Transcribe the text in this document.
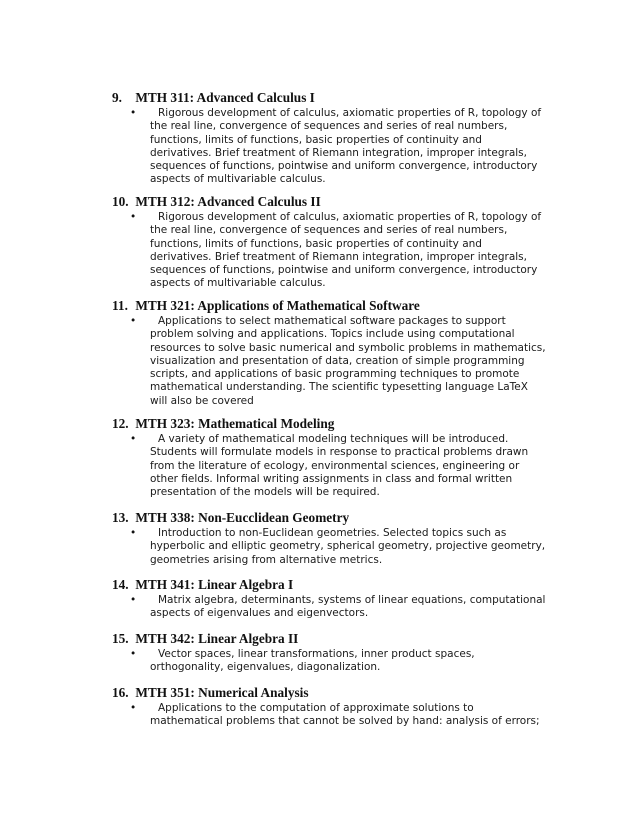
9. MTH 311: Advanced Calculus I
•	Rigorous development of calculus, axiomatic properties of R, topology of
the real line, convergence of sequences and series of real numbers,
functions, limits of functions, basic properties of continuity and
derivatives. Brief treatment of Riemann integration, improper integrals,
sequences of functions, pointwise and uniform convergence, introductory
aspects of multivariable calculus.
10. MTH 312: Advanced Calculus II
•	Rigorous development of calculus, axiomatic properties of R, topology of
the real line, convergence of sequences and series of real numbers,
functions, limits of functions, basic properties of continuity and
derivatives. Brief treatment of Riemann integration, improper integrals,
sequences of functions, pointwise and uniform convergence, introductory
aspects of multivariable calculus.
11. MTH 321: Applications of Mathematical Software
•	Applications to select mathematical software packages to support
problem solving and applications. Topics include using computational
resources to solve basic numerical and symbolic problems in mathematics,
visualization and presentation of data, creation of simple programming
scripts, and applications of basic programming techniques to promote
mathematical understanding. The scientific typesetting language LaTeX
will also be covered
12. MTH 323: Mathematical Modeling
•	A variety of mathematical modeling techniques will be introduced.
Students will formulate models in response to practical problems drawn
from the literature of ecology, environmental sciences, engineering or
other fields. Informal writing assignments in class and formal written
presentation of the models will be required.
13. MTH 338: Non-Eucclidean Geometry
•	Introduction to non-Euclidean geometries. Selected topics such as
hyperbolic and elliptic geometry, spherical geometry, projective geometry,
geometries arising from alternative metrics.
14. MTH 341: Linear Algebra I
•	Matrix algebra, determinants, systems of linear equations, computational
aspects of eigenvalues and eigenvectors.
15. MTH 342: Linear Algebra II
•	Vector spaces, linear transformations, inner product spaces,
orthogonality, eigenvalues, diagonalization.
16. MTH 351: Numerical Analysis
•	Applications to the computation of approximate solutions to
mathematical problems that cannot be solved by hand: analysis of errors;
